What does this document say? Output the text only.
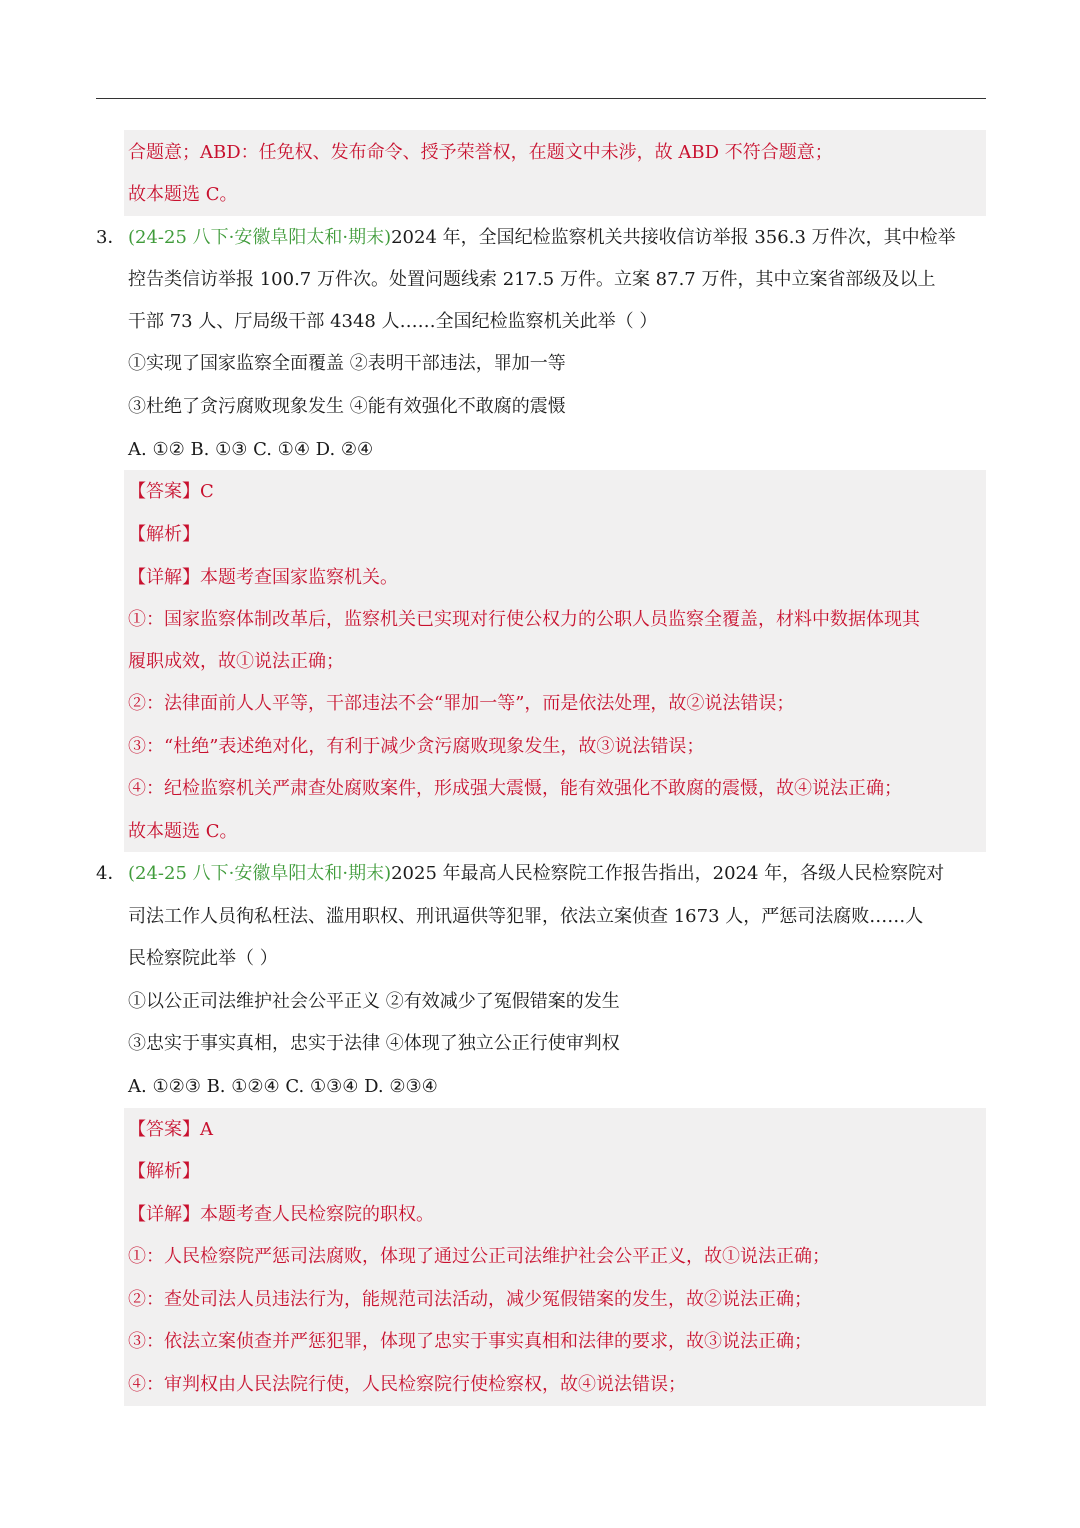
合题意；ABD：任免权、发布命令、授予荣誉权，在题文中未涉，故 ABD 不符合题意；
故本题选 C。
3． (24-25 八下·安徽阜阳太和·期末)2024 年，全国纪检监察机关共接收信访举报 356.3 万件次，其中检举
控告类信访举报 100.7 万件次。处置问题线索 217.5 万件。立案 87.7 万件，其中立案省部级及以上
干部 73 人、厅局级干部 4348 人……全国纪检监察机关此举（ ）
①实现了国家监察全面覆盖 ②表明干部违法，罪加一等
③杜绝了贪污腐败现象发生 ④能有效强化不敢腐的震慑
A. ①② B. ①③ C. ①④ D. ②④
【答案】C
【解析】
【详解】本题考查国家监察机关。
①：国家监察体制改革后，监察机关已实现对行使公权力的公职人员监察全覆盖，材料中数据体现其
履职成效，故①说法正确；
②：法律面前人人平等，干部违法不会“罪加一等”，而是依法处理，故②说法错误；
③：“杜绝”表述绝对化，有利于减少贪污腐败现象发生，故③说法错误；
④：纪检监察机关严肃查处腐败案件，形成强大震慑，能有效强化不敢腐的震慑，故④说法正确；
故本题选 C。
4． (24-25 八下·安徽阜阳太和·期末)2025 年最高人民检察院工作报告指出，2024 年，各级人民检察院对
司法工作人员徇私枉法、滥用职权、刑讯逼供等犯罪，依法立案侦查 1673 人，严惩司法腐败……人
民检察院此举（ ）
①以公正司法维护社会公平正义 ②有效减少了冤假错案的发生
③忠实于事实真相，忠实于法律 ④体现了独立公正行使审判权
A. ①②③ B. ①②④ C. ①③④ D. ②③④
【答案】A
【解析】
【详解】本题考查人民检察院的职权。
①：人民检察院严惩司法腐败，体现了通过公正司法维护社会公平正义，故①说法正确；
②：查处司法人员违法行为，能规范司法活动，减少冤假错案的发生，故②说法正确；
③：依法立案侦查并严惩犯罪，体现了忠实于事实真相和法律的要求，故③说法正确；
④：审判权由人民法院行使，人民检察院行使检察权，故④说法错误；
